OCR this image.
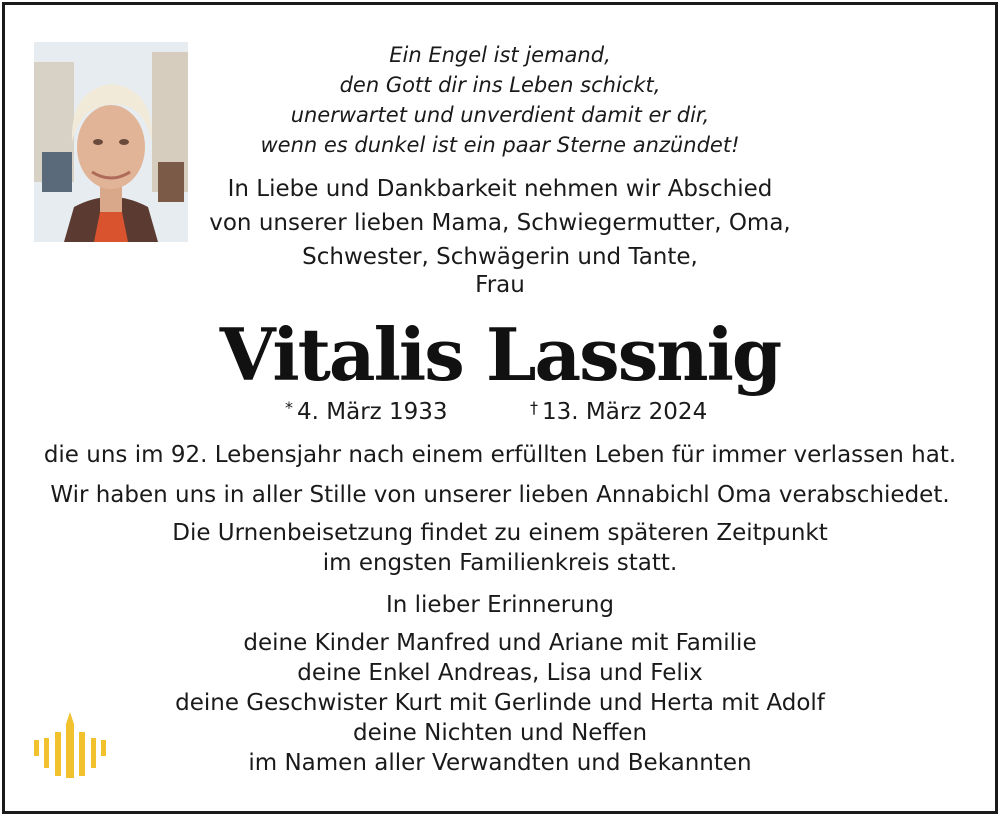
Ein Engel ist jemand,
den Gott dir ins Leben schickt,
unerwartet und unverdient damit er dir,
wenn es dunkel ist ein paar Sterne anzündet!
In Liebe und Dankbarkeit nehmen wir Abschied
von unserer lieben Mama, Schwiegermutter, Oma,
Schwester, Schwägerin und Tante,
Frau
Vitalis Lassnig
* 4. März 1933	† 13. März 2024
die uns im 92. Lebensjahr nach einem erfüllten Leben für immer verlassen hat.
Wir haben uns in aller Stille von unserer lieben Annabichl Oma verabschiedet.
Die Urnenbeisetzung findet zu einem späteren Zeitpunkt
im engsten Familienkreis statt.
In lieber Erinnerung
deine Kinder Manfred und Ariane mit Familie
deine Enkel Andreas, Lisa und Felix
deine Geschwister Kurt mit Gerlinde und Herta mit Adolf
deine Nichten und Neffen
im Namen aller Verwandten und Bekannten
